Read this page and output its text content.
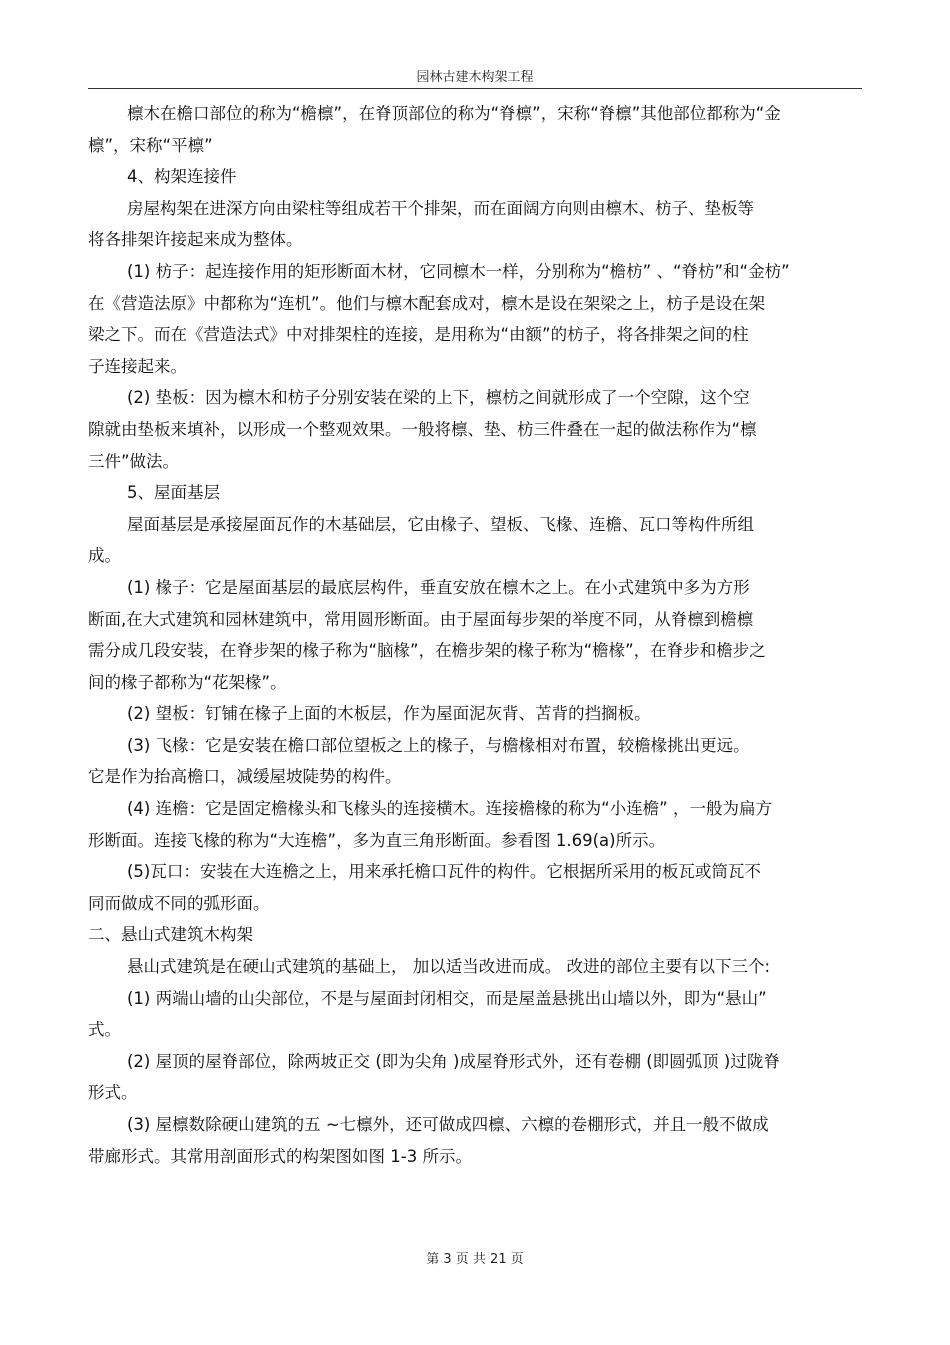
园林古建木构架工程
檩木在檐口部位的称为“檐檩”，在脊顶部位的称为“脊檩”，宋称“脊檩”其他部位都称为“金
檩”，宋称“平檩”
4、构架连接件
房屋构架在进深方向由梁柱等组成若干个排架，而在面阔方向则由檩木、枋子、垫板等
将各排架许接起来成为整体。
(1) 枋子：起连接作用的矩形断面木材，它同檩木一样，分别称为“檐枋” 、“脊枋”和“金枋”
在《营造法原》中都称为“连机”。他们与檩木配套成对，檩木是设在架梁之上，枋子是设在架
梁之下。而在《营造法式》中对排架柱的连接，是用称为“由额”的枋子，将各排架之间的柱
子连接起来。
(2) 垫板：因为檩木和枋子分别安装在梁的上下，檩枋之间就形成了一个空隙，这个空
隙就由垫板来填补，以形成一个整观效果。一般将檩、垫、枋三件叠在一起的做法称作为“檩
三件”做法。
5、屋面基层
屋面基层是承接屋面瓦作的木基础层，它由椽子、望板、飞椽、连檐、瓦口等构件所组
成。
(1) 椽子：它是屋面基层的最底层构件，垂直安放在檩木之上。在小式建筑中多为方形
断面,在大式建筑和园林建筑中，常用圆形断面。由于屋面每步架的举度不同，从脊檩到檐檩
需分成几段安装，在脊步架的椽子称为“脑椽”，在檐步架的椽子称为“檐椽”，在脊步和檐步之
间的椽子都称为“花架椽”。
(2) 望板：钉铺在椽子上面的木板层，作为屋面泥灰背、苫背的挡搁板。
(3) 飞椽：它是安装在檐口部位望板之上的椽子，与檐椽相对布置，较檐椽挑出更远。
它是作为抬高檐口，减缓屋坡陡势的构件。
(4) 连檐：它是固定檐椽头和飞椽头的连接横木。连接檐椽的称为“小连檐” ，一般为扁方
形断面。连接飞椽的称为“大连檐”，多为直三角形断面。参看图 1.69(a)所示。
(5)瓦口：安装在大连檐之上，用来承托檐口瓦件的构件。它根据所采用的板瓦或筒瓦不
同而做成不同的弧形面。
二、悬山式建筑木构架
悬山式建筑是在硬山式建筑的基础上， 加以适当改进而成。 改进的部位主要有以下三个:
(1) 两端山墙的山尖部位，不是与屋面封闭相交，而是屋盖悬挑出山墙以外，即为“悬山”
式。
(2) 屋顶的屋脊部位，除两坡正交 (即为尖角 )成屋脊形式外，还有卷棚 (即圆弧顶 )过陇脊
形式。
(3) 屋檩数除硬山建筑的五 ~七檩外，还可做成四檩、六檩的卷棚形式，并且一般不做成
带廊形式。其常用剖面形式的构架图如图 1-3 所示。
第 3 页 共 21 页
